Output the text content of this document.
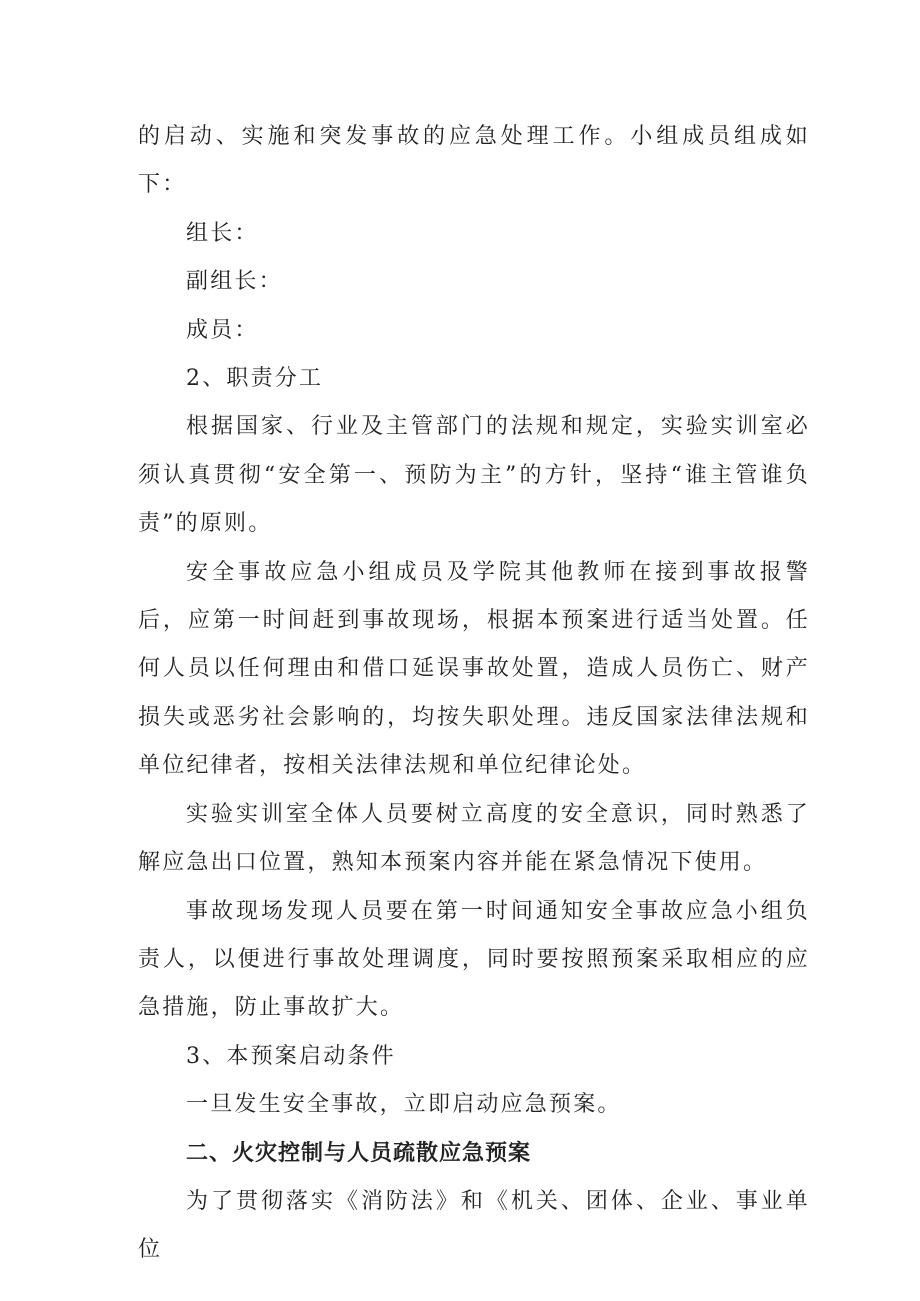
的启动、实施和突发事故的应急处理工作。小组成员组成如下：

组长：

副组长：

成员：

2、职责分工

根据国家、行业及主管部门的法规和规定，实验实训室必须认真贯彻“安全第一、预防为主”的方针，坚持“谁主管谁负责”的原则。

安全事故应急小组成员及学院其他教师在接到事故报警后，应第一时间赶到事故现场，根据本预案进行适当处置。任何人员以任何理由和借口延误事故处置，造成人员伤亡、财产损失或恶劣社会影响的，均按失职处理。违反国家法律法规和单位纪律者，按相关法律法规和单位纪律论处。

实验实训室全体人员要树立高度的安全意识，同时熟悉了解应急出口位置，熟知本预案内容并能在紧急情况下使用。

事故现场发现人员要在第一时间通知安全事故应急小组负责人，以便进行事故处理调度，同时要按照预案采取相应的应急措施，防止事故扩大。

3、本预案启动条件

一旦发生安全事故，立即启动应急预案。

二、火灾控制与人员疏散应急预案

为了贯彻落实《消防法》和《机关、团体、企业、事业单位
